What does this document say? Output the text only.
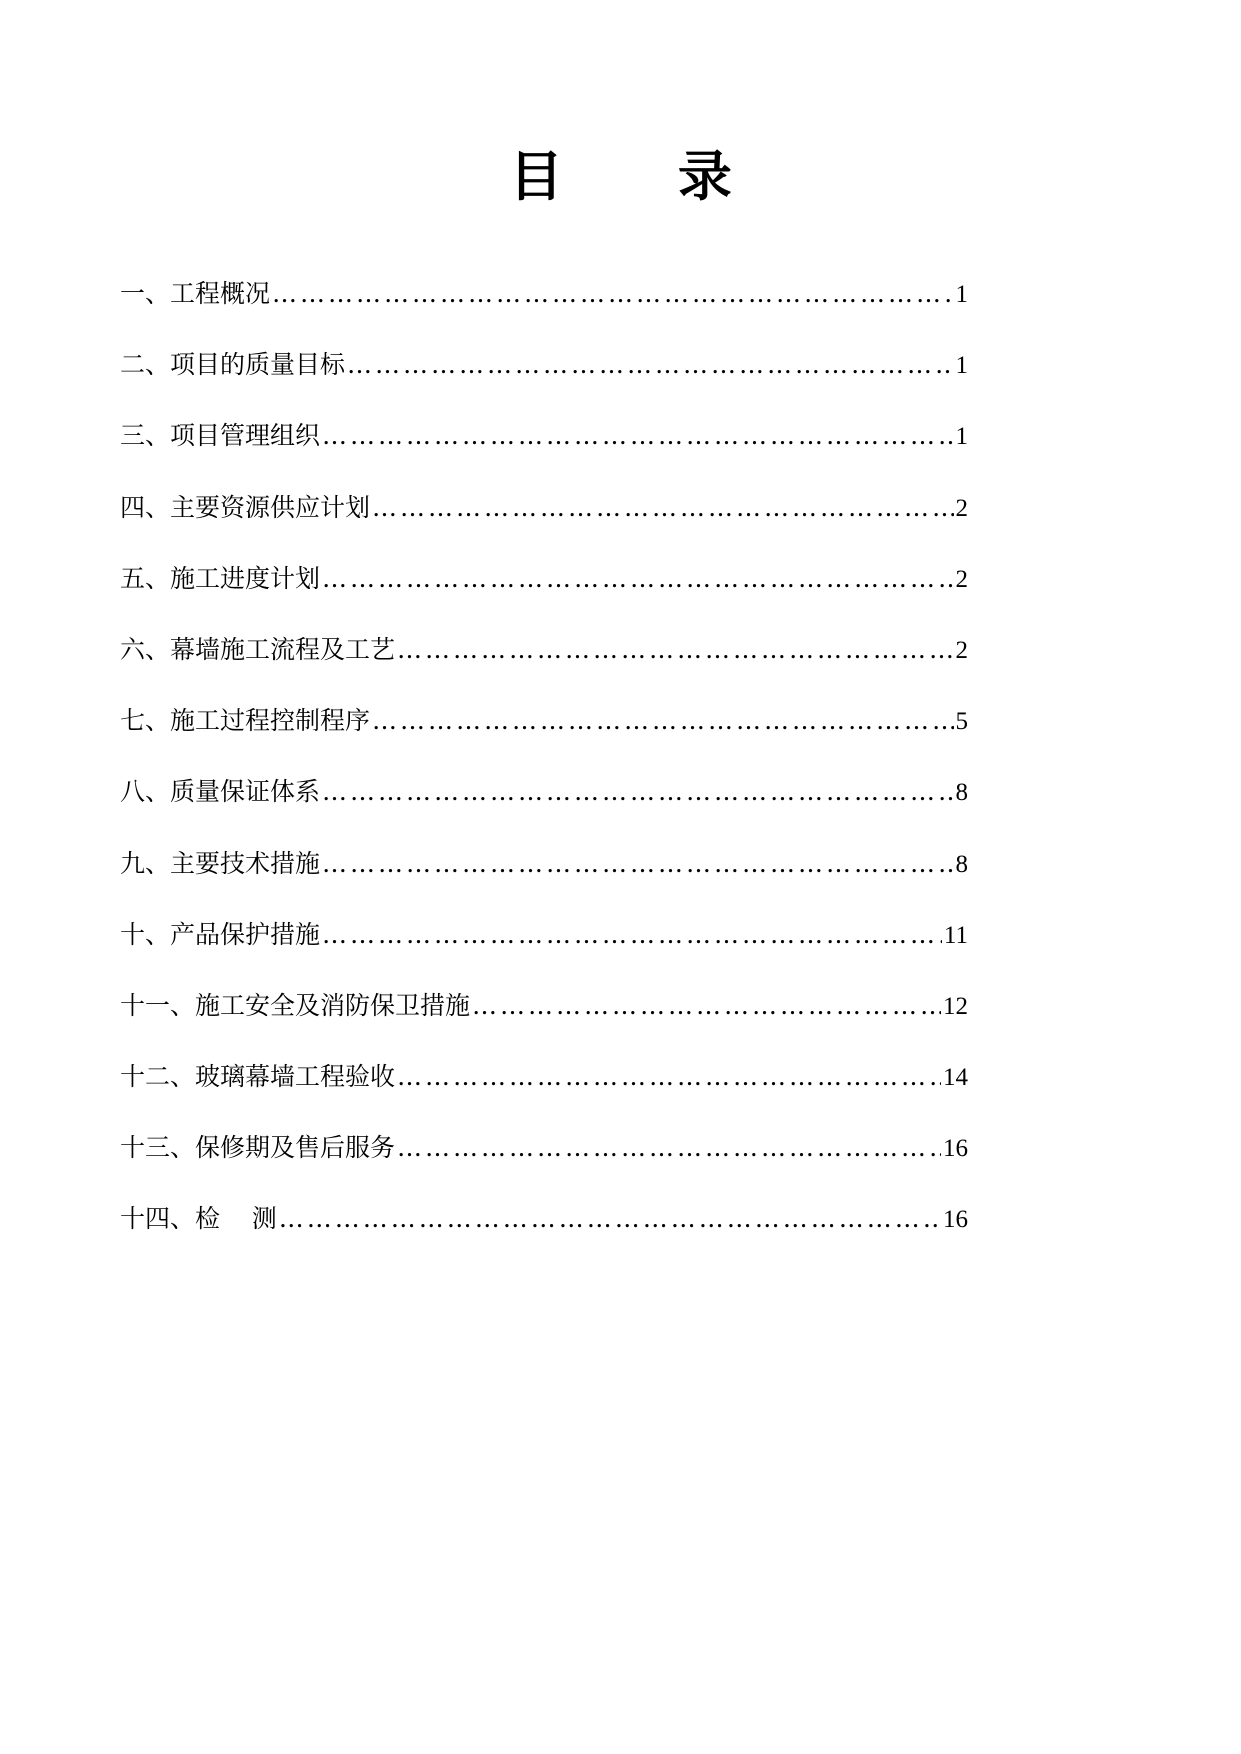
目 录
一、工程概况 …………………………………………………………………………………………………………………………………………………………	1
二、项目的质量目标 …………………………………………………………………………………………………………………………………………………………	1
三、项目管理组织 …………………………………………………………………………………………………………………………………………………………	1
四、主要资源供应计划 …………………………………………………………………………………………………………………………………………………………	2
五、施工进度计划 …………………………………………………………………………………………………………………………………………………………	2
六、幕墙施工流程及工艺 …………………………………………………………………………………………………………………………………………………………	2
七、施工过程控制程序 …………………………………………………………………………………………………………………………………………………………	5
八、质量保证体系 …………………………………………………………………………………………………………………………………………………………	8
九、主要技术措施 …………………………………………………………………………………………………………………………………………………………	8
十、产品保护措施 …………………………………………………………………………………………………………………………………………………………	11
十一、施工安全及消防保卫措施 …………………………………………………………………………………………………………………………………………………………	12
十二、玻璃幕墙工程验收 …………………………………………………………………………………………………………………………………………………………	14
十三、保修期及售后服务 …………………………………………………………………………………………………………………………………………………………	16
十四、检    测 …………………………………………………………………………………………………………………………………………………………	16
